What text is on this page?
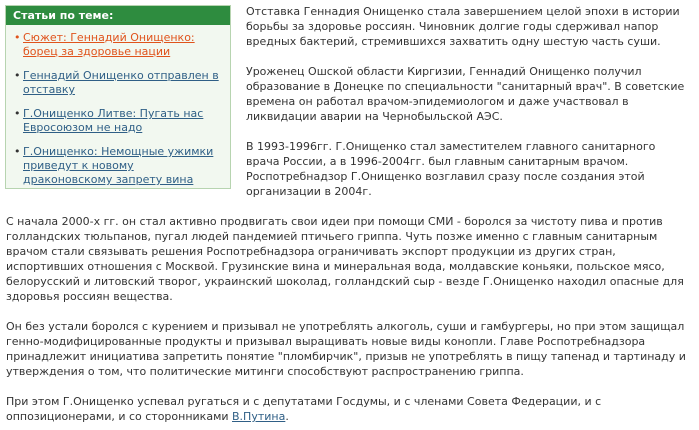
Статьи по теме:
• Сюжет: Геннадий Онищенко: борец за здоровье нации
• Геннадий Онищенко отправлен в отставку
• Г.Онищенко Литве: Пугать нас Евросоюзом не надо
• Г.Онищенко: Немощные ужимки приведут к новому драконовскому запрету вина

Отставка Геннадия Онищенко стала завершением целой эпохи в истории борьбы за здоровье россиян. Чиновник долгие годы сдерживал напор вредных бактерий, стремившихся захватить одну шестую часть суши.

Уроженец Ошской области Киргизии, Геннадий Онищенко получил образование в Донецке по специальности "санитарный врач". В советские времена он работал врачом-эпидемиологом и даже участвовал в ликвидации аварии на Чернобыльской АЭС.

В 1993-1996гг. Г.Онищенко стал заместителем главного санитарного врача России, а в 1996-2004гг. был главным санитарным врачом. Роспотребнадзор Г.Онищенко возглавил сразу после создания этой организации в 2004г.

С начала 2000-х гг. он стал активно продвигать свои идеи при помощи СМИ - боролся за чистоту пива и против голландских тюльпанов, пугал людей пандемией птичьего гриппа. Чуть позже именно с главным санитарным врачом стали связывать решения Роспотребнадзора ограничивать экспорт продукции из других стран, испортивших отношения с Москвой. Грузинские вина и минеральная вода, молдавские коньяки, польское мясо, белорусский и литовский творог, украинский шоколад, голландский сыр - везде Г.Онищенко находил опасные для здоровья россиян вещества.

Он без устали боролся с курением и призывал не употреблять алкоголь, суши и гамбургеры, но при этом защищал генно-модифицированные продукты и призывал выращивать новые виды конопли. Главе Роспотребнадзора принадлежит инициатива запретить понятие "пломбирчик", призыв не употреблять в пищу тапенад и тартинаду и утверждения о том, что политические митинги способствуют распространению гриппа.

При этом Г.Онищенко успевал ругаться и с депутатами Госдумы, и с членами Совета Федерации, и с оппозиционерами, и со сторонниками В.Путина.
